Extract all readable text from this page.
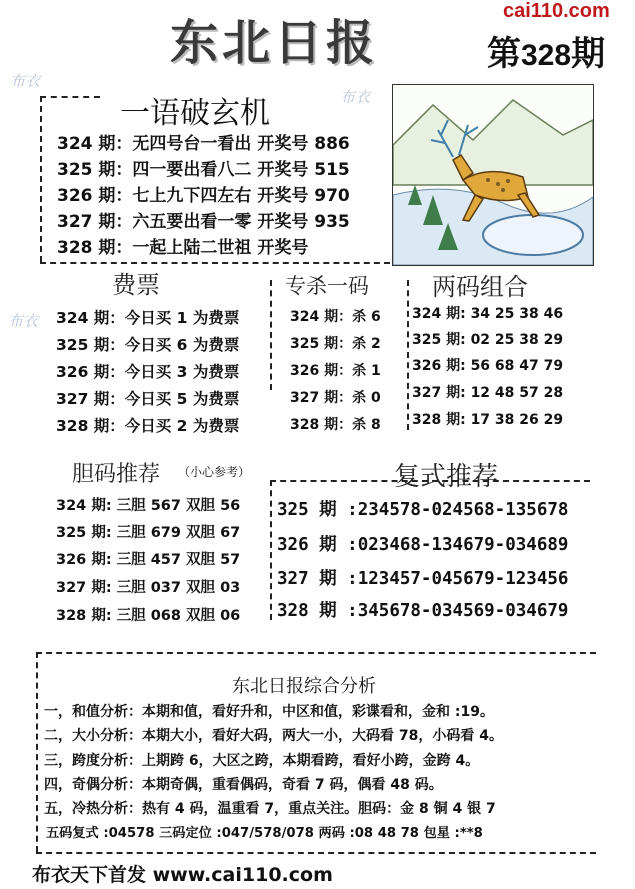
东北日报
cai110.com
第328期
布衣
布衣
布衣
一语破玄机
324 期：无四号台一看出 开奖号 886
325 期：四一要出看八二 开奖号 515
326 期：七上九下四左右 开奖号 970
327 期：六五要出看一零 开奖号 935
328 期：一起上陆二世祖 开奖号
费票	专杀一码	两码组合
324 期：今日买 1 为费票
325 期：今日买 6 为费票
326 期：今日买 3 为费票
327 期：今日买 5 为费票
328 期：今日买 2 为费票
324 期：杀 6
325 期：杀 2
326 期：杀 1
327 期：杀 0
328 期：杀 8
324 期: 34 25 38 46
325 期: 02 25 38 29
326 期: 56 68 47 79
327 期: 12 48 57 28
328 期: 17 38 26 29
胆码推荐 （小心参考）
324 期: 三胆 567 双胆 56
325 期: 三胆 679 双胆 67
326 期: 三胆 457 双胆 57
327 期: 三胆 037 双胆 03
328 期: 三胆 068 双胆 06
复式推荐
325 期 :234578-024568-135678
326 期 :023468-134679-034689
327 期 :123457-045679-123456
328 期 :345678-034569-034679
东北日报综合分析
一，和值分析：本期和值，看好升和，中区和值，彩谍看和，金和 :19。
二，大小分析：本期大小，看好大码，两大一小，大码看 78，小码看 4。
三，跨度分析：上期跨 6，大区之跨，本期看跨，看好小跨，金跨 4。
四，奇偶分析：本期奇偶，重看偶码，奇看 7 码，偶看 48 码。
五，冷热分析：热有 4 码，温重看 7，重点关注。胆码：金 8 铜 4 银 7
五码复式 :04578 三码定位 :047/578/078 两码 :08 48 78 包星 :**8
布衣天下首发 www.cai110.com
